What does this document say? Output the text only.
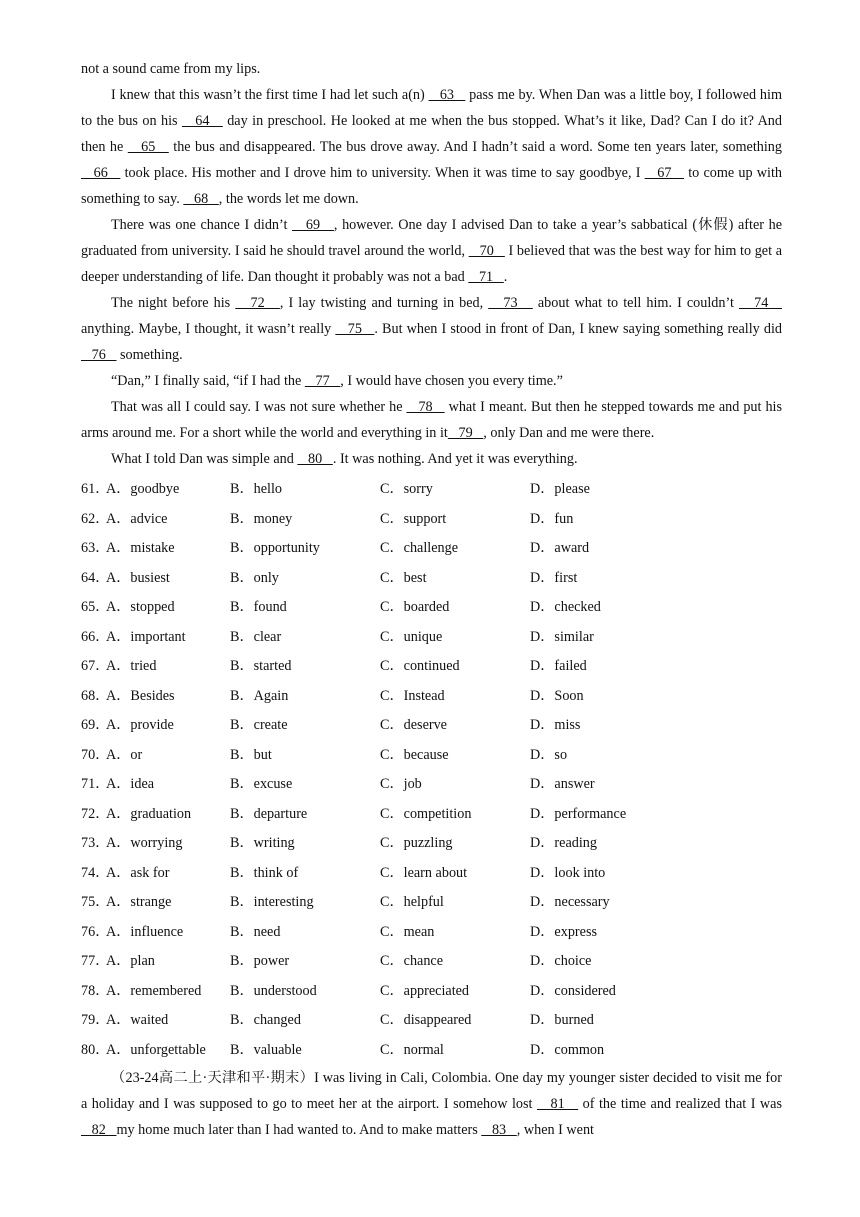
not a sound came from my lips.

I knew that this wasn’t the first time I had let such a(n)    63    pass me by. When Dan was a little boy, I followed him to the bus on his    64    day in preschool. He looked at me when the bus stopped. What’s it like, Dad? Can I do it? And then he    65    the bus and disappeared. The bus drove away. And I hadn’t said a word. Some ten years later, something    66    took place. His mother and I drove him to university. When it was time to say goodbye, I    67    to come up with something to say.    68   , the words let me down.

There was one chance I didn’t    69   , however. One day I advised Dan to take a year’s sabbatical (休假) after he graduated from university. I said he should travel around the world,    70    I believed that was the best way for him to get a deeper understanding of life. Dan thought it probably was not a bad    71   .

The night before his    72   , I lay twisting and turning in bed,    73    about what to tell him. I couldn’t    74    anything. Maybe, I thought, it wasn’t really    75   . But when I stood in front of Dan, I knew saying something really did    76    something.

“Dan,” I finally said, “if I had the    77   , I would have chosen you every time.”

That was all I could say. I was not sure whether he    78    what I meant. But then he stepped towards me and put his arms around me. For a short while the world and everything in it   79   , only Dan and me were there.

What I told Dan was simple and    80   . It was nothing. And yet it was everything.

61．
A．goodbye	B．hello	C．sorry	D．please
62．
A．advice	B．money	C．support	D．fun
63．
A．mistake	B．opportunity	C．challenge	D．award
64．
A．busiest	B．only	C．best	D．first
65．
A．stopped	B．found	C．boarded	D．checked
66．
A．important	B．clear	C．unique	D．similar
67．
A．tried	B．started	C．continued	D．failed
68．
A．Besides	B．Again	C．Instead	D．Soon
69．
A．provide	B．create	C．deserve	D．miss
70．
A．or	B．but	C．because	D．so
71．
A．idea	B．excuse	C．job	D．answer
72．
A．graduation	B．departure	C．competition	D．performance
73．
A．worrying	B．writing	C．puzzling	D．reading
74．
A．ask for	B．think of	C．learn about	D．look into
75．
A．strange	B．interesting	C．helpful	D．necessary
76．
A．influence	B．need	C．mean	D．express
77．
A．plan	B．power	C．chance	D．choice
78．
A．remembered	B．understood	C．appreciated	D．considered
79．
A．waited	B．changed	C．disappeared	D．burned
80．
A．unforgettable	B．valuable	C．normal	D．common

（23-24高二上·天津和平·期末）I was living in Cali, Colombia. One day my younger sister decided to visit me for a holiday and I was supposed to go to meet her at the airport. I somehow lost    81    of the time and realized that I was    82   my home much later than I had wanted to. And to make matters    83   , when I went
